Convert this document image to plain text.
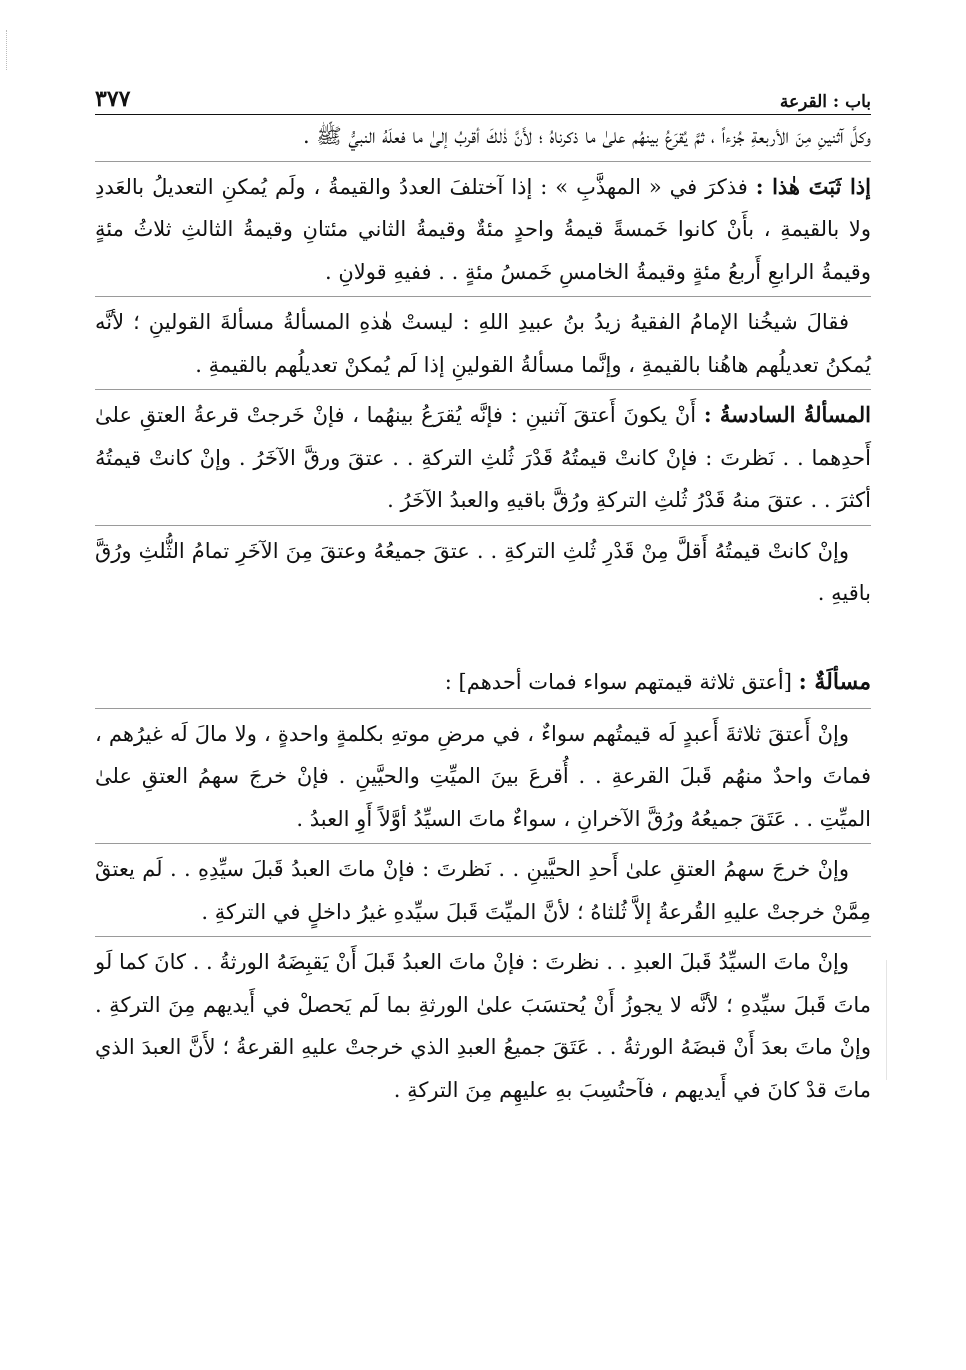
باب : القرعة
٣٧٧

وكلَّ آثنينِ مِنَ الأربعةِ جُزءاً ، ثمَّ يُقرَعُ بينهُم علىٰ ما ذكرناهُ ؛ لأَنَّ ذٰلكَ أقربُ إلىٰ ما فعلَهُ النبيُّ ﷺ .

إذا ثَبَتَ هٰذا : فذكرَ في « المهذَّبِ » : إذا آختلفَ العددُ والقيمةُ ، ولَم يُمكنِ التعديلُ بالعَددِ ولا بالقيمةِ ، بأَنْ كانوا خَمسةً قيمةُ واحدٍ مئةٌ وقيمةُ الثاني مئتانِ وقيمةُ الثالثِ ثلاثُ مئةٍ وقيمةُ الرابعِ أَربعُ مئةٍ وقيمةُ الخامسِ خَمسُ مئةٍ . . ففيهِ قولانِ .

فقالَ شيخُنا الإمامُ الفقيهُ زيدُ بنُ عبيدِ اللهِ : ليستْ هٰذهِ المسألةُ مسألةَ القولينِ ؛ لأنَّه يُمكنُ تعديلُهم هاهُنا بالقيمةِ ، وإنَّما مسألةُ القولينِ إذا لَم يُمكنْ تعديلُهم بالقيمةِ .

المسألةُ السادسةُ : أَنْ يكونَ أَعتقَ آثنينِ : فإنَّه يُقرَعُ بينهُما ، فإنْ خَرجتْ قرعةُ العتقِ علىٰ أَحدِهما . . نَظرتَ : فإنْ كانتْ قيمتُهُ قَدْرَ ثُلثِ التركةِ . . عتقَ ورقَّ الآخَرُ . وإنْ كانتْ قيمتُهُ أكثرَ . . عتقَ منهُ قَدْرُ ثُلثِ التركةِ ورُقَّ باقيهِ والعبدُ الآخَرُ .

وإنْ كانتْ قيمتُهُ أَقلَّ مِنْ قَدْرِ ثُلثِ التركةِ . . عتقَ جميعُهُ وعتقَ مِنَ الآخَرِ تمامُ الثُّلثِ ورُقَّ باقيهِ .

مسألَةٌ : [أعتق ثلاثة قيمتهم سواء فمات أحدهم] :

وإنْ أَعتقَ ثلاثةَ أَعبدٍ لَه قيمتُهم سواءٌ ، في مرضِ موتهِ بكلمةٍ واحدةٍ ، ولا مالَ لَه غيرُهم ، فماتَ واحدٌ منهُم قَبلَ القرعةِ . . أُقرعَ بينَ الميِّتِ والحيَّينِ . فإنْ خرجَ سهمُ العتقِ علىٰ الميِّتِ . . عَتَقَ جميعُهُ ورُقَّ الآخرانِ ، سواءٌ ماتَ السيِّدُ أوَّلاً أَوِ العبدُ .

وإنْ خرجَ سهمُ العتقِ علىٰ أَحدِ الحيَّينِ . . نَظرتَ : فإنْ ماتَ العبدُ قَبلَ سيِّدِهِ . . لَم يعتقْ مِمَّنْ خرجتْ عليهِ القُرعةُ إلاَّ ثُلثاهُ ؛ لأنَّ الميِّتَ قَبلَ سيِّدهِ غيرُ داخلٍ في التركةِ .

وإنْ ماتَ السيِّدُ قَبلَ العبدِ . . نظرتَ : فإنْ ماتَ العبدُ قَبلَ أَنْ يَقبِضَهُ الورثةُ . . كانَ كما لَو ماتَ قَبلَ سيِّدهِ ؛ لأنَّه لا يجوزُ أَنْ يُحتسَبَ علىٰ الورثةِ بما لَم يَحصلْ في أَيديهم مِنَ التركةِ . وإنْ ماتَ بعدَ أَنْ قبضَهُ الورثةُ . . عَتَقَ جميعُ العبدِ الذي خرجتْ عليهِ القرعةُ ؛ لأَنَّ العبدَ الذي ماتَ قدْ كانَ في أَيديهم ، فآحتُسِبَ بهِ عليهِم مِنَ التركةِ .
